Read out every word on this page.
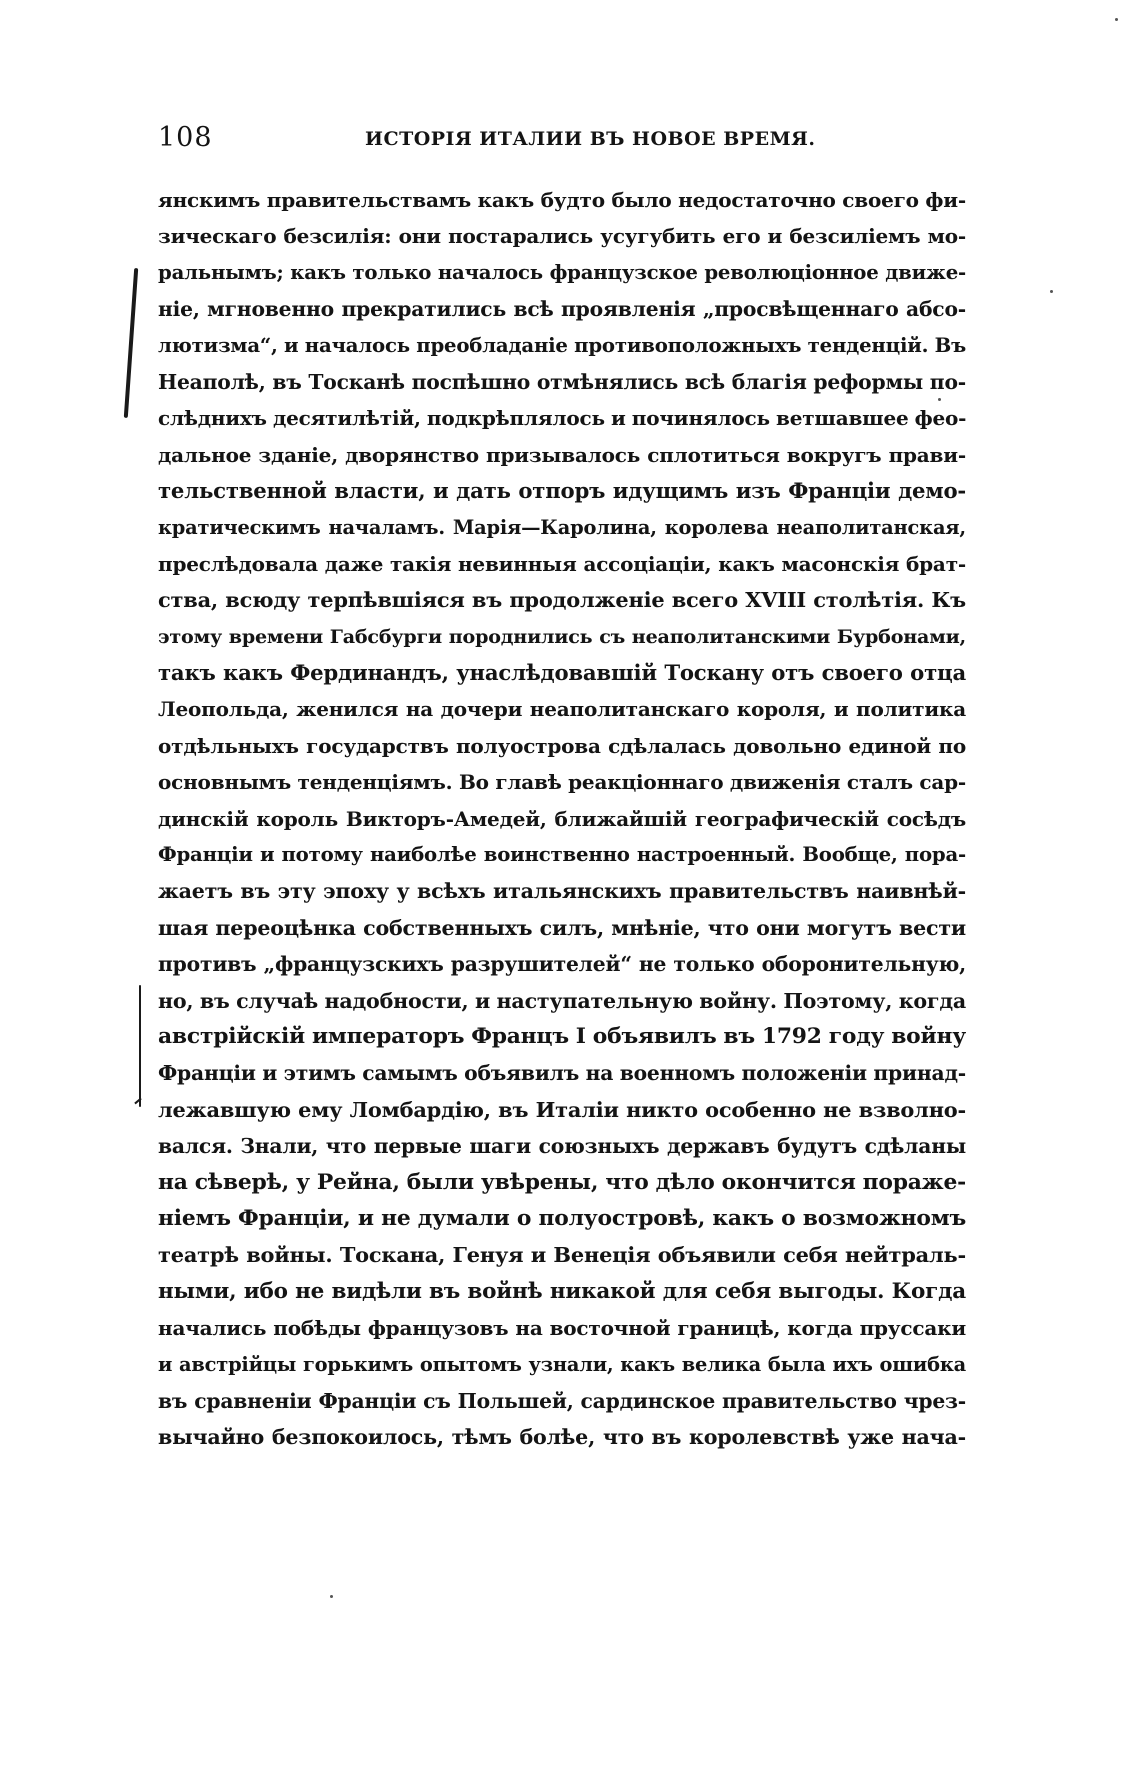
108	ИСТОРІЯ ИТАЛИИ ВЪ НОВОЕ ВРЕМЯ.
янскимъ правительствамъ какъ будто было недостаточно своего фи-
зическаго безсилія: они постарались усугубить его и безсиліемъ мо-
ральнымъ; какъ только началось французское революціонное движе-
ніе, мгновенно прекратились всѣ проявленія „просвѣщеннаго абсо-
лютизма“, и началось преобладаніе противоположныхъ тенденцій. Въ
Неаполѣ, въ Тосканѣ поспѣшно отмѣнялись всѣ благія реформы по-
слѣднихъ десятилѣтій, подкрѣплялось и починялось ветшавшее фео-
дальное зданіе, дворянство призывалось сплотиться вокругъ прави-
тельственной власти, и дать отпоръ идущимъ изъ Франціи демо-
кратическимъ началамъ. Марія—Каролина, королева неаполитанская,
преслѣдовала даже такія невинныя ассоціаціи, какъ масонскія брат-
ства, всюду терпѣвшіяся въ продолженіе всего XVIII столѣтія. Къ
этому времени Габсбурги породнились съ неаполитанскими Бурбонами,
такъ какъ Фердинандъ, унаслѣдовавшій Тоскану отъ своего отца
Леопольда, женился на дочери неаполитанскаго короля, и политика
отдѣльныхъ государствъ полуострова сдѣлалась довольно единой по
основнымъ тенденціямъ. Во главѣ реакціоннаго движенія сталъ сар-
динскій король Викторъ-Амедей, ближайшій географическій сосѣдъ
Франціи и потому наиболѣе воинственно настроенный. Вообще, пора-
жаетъ въ эту эпоху у всѣхъ итальянскихъ правительствъ наивнѣй-
шая переоцѣнка собственныхъ силъ, мнѣніе, что они могутъ вести
противъ „французскихъ разрушителей“ не только оборонительную,
но, въ случаѣ надобности, и наступательную войну. Поэтому, когда
австрійскій императоръ Францъ I объявилъ въ 1792 году войну
Франціи и этимъ самымъ объявилъ на военномъ положеніи принад-
лежавшую ему Ломбардію, въ Италіи никто особенно не взволно-
вался. Знали, что первые шаги союзныхъ державъ будутъ сдѣланы
на сѣверѣ, у Рейна, были увѣрены, что дѣло окончится пораже-
ніемъ Франціи, и не думали о полуостровѣ, какъ о возможномъ
театрѣ войны. Тоскана, Генуя и Венеція объявили себя нейтраль-
ными, ибо не видѣли въ войнѣ никакой для себя выгоды. Когда
начались побѣды французовъ на восточной границѣ, когда пруссаки
и австрійцы горькимъ опытомъ узнали, какъ велика была ихъ ошибка
въ сравненіи Франціи съ Польшей, сардинское правительство чрез-
вычайно безпокоилось, тѣмъ болѣе, что въ королевствѣ уже нача-
